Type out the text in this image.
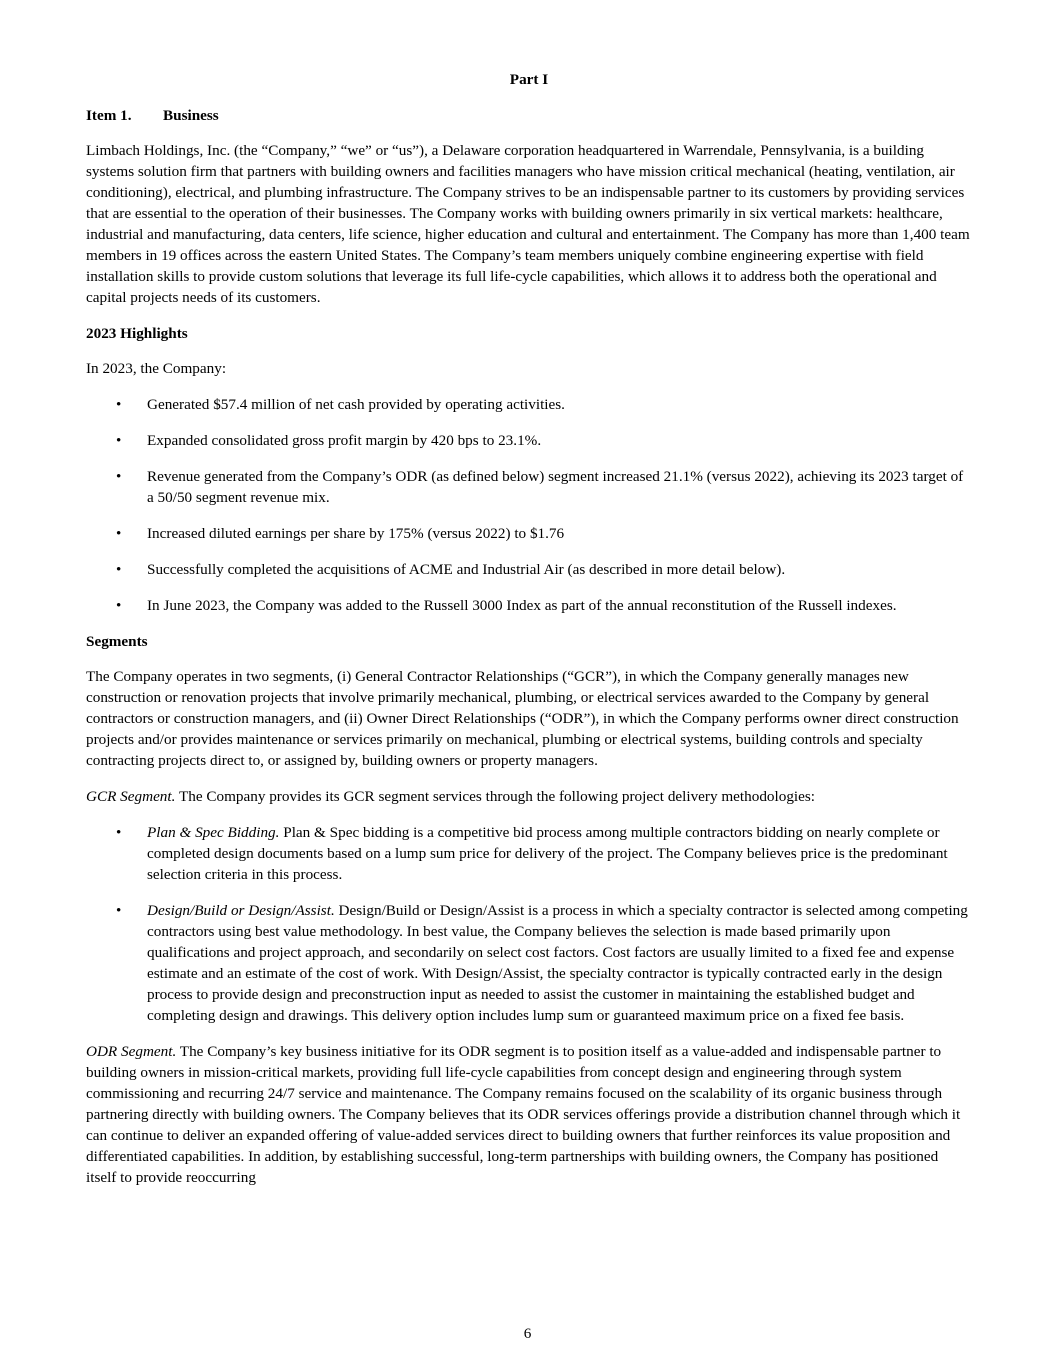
Part I
Item 1. Business

Limbach Holdings, Inc. (the “Company,” “we” or “us”), a Delaware corporation headquartered in Warrendale, Pennsylvania, is a building systems solution firm that partners with building owners and facilities managers who have mission critical mechanical (heating, ventilation, air conditioning), electrical, and plumbing infrastructure. The Company strives to be an indispensable partner to its customers by providing services that are essential to the operation of their businesses. The Company works with building owners primarily in six vertical markets: healthcare, industrial and manufacturing, data centers, life science, higher education and cultural and entertainment. The Company has more than 1,400 team members in 19 offices across the eastern United States. The Company’s team members uniquely combine engineering expertise with field installation skills to provide custom solutions that leverage its full life-cycle capabilities, which allows it to address both the operational and capital projects needs of its customers.

2023 Highlights

In 2023, the Company:

• Generated $57.4 million of net cash provided by operating activities.
• Expanded consolidated gross profit margin by 420 bps to 23.1%.
• Revenue generated from the Company’s ODR (as defined below) segment increased 21.1% (versus 2022), achieving its 2023 target of a 50/50 segment revenue mix.
• Increased diluted earnings per share by 175% (versus 2022) to $1.76
• Successfully completed the acquisitions of ACME and Industrial Air (as described in more detail below).
• In June 2023, the Company was added to the Russell 3000 Index as part of the annual reconstitution of the Russell indexes.
Segments

The Company operates in two segments, (i) General Contractor Relationships (“GCR”), in which the Company generally manages new construction or renovation projects that involve primarily mechanical, plumbing, or electrical services awarded to the Company by general contractors or construction managers, and (ii) Owner Direct Relationships (“ODR”), in which the Company performs owner direct construction projects and/or provides maintenance or services primarily on mechanical, plumbing or electrical systems, building controls and specialty contracting projects direct to, or assigned by, building owners or property managers.

GCR Segment. The Company provides its GCR segment services through the following project delivery methodologies:

• Plan & Spec Bidding. Plan & Spec bidding is a competitive bid process among multiple contractors bidding on nearly complete or completed design documents based on a lump sum price for delivery of the project. The Company believes price is the predominant selection criteria in this process.
• Design/Build or Design/Assist. Design/Build or Design/Assist is a process in which a specialty contractor is selected among competing contractors using best value methodology. In best value, the Company believes the selection is made based primarily upon qualifications and project approach, and secondarily on select cost factors. Cost factors are usually limited to a fixed fee and expense estimate and an estimate of the cost of work. With Design/Assist, the specialty contractor is typically contracted early in the design process to provide design and preconstruction input as needed to assist the customer in maintaining the established budget and completing design and drawings. This delivery option includes lump sum or guaranteed maximum price on a fixed fee basis.

ODR Segment. The Company’s key business initiative for its ODR segment is to position itself as a value-added and indispensable partner to building owners in mission-critical markets, providing full life-cycle capabilities from concept design and engineering through system commissioning and recurring 24/7 service and maintenance. The Company remains focused on the scalability of its organic business through partnering directly with building owners. The Company believes that its ODR services offerings provide a distribution channel through which it can continue to deliver an expanded offering of value-added services direct to building owners that further reinforces its value proposition and differentiated capabilities. In addition, by establishing successful, long-term partnerships with building owners, the Company has positioned itself to provide reoccurring

6
